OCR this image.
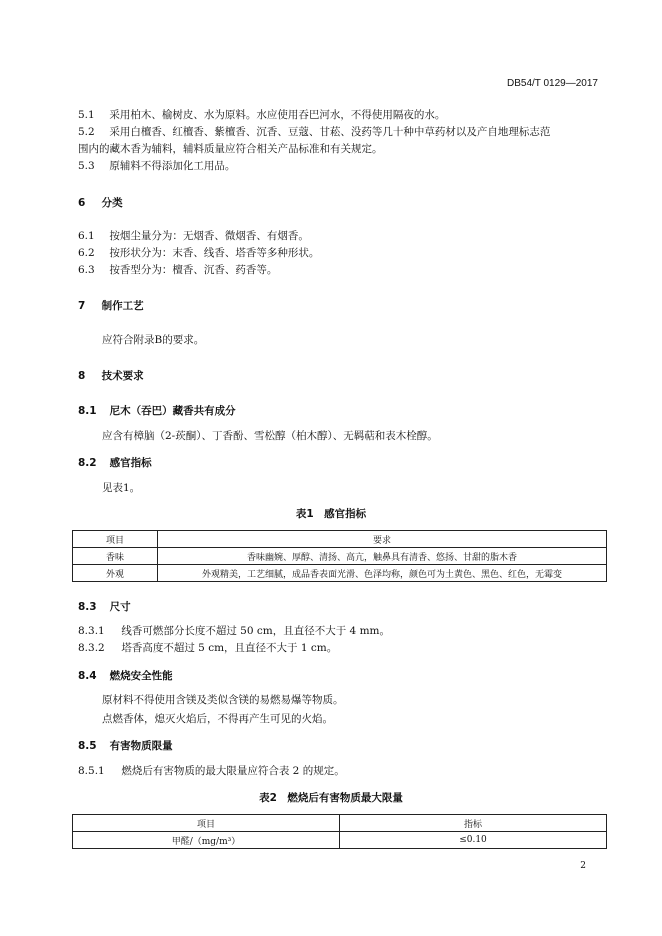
DB54/T 0129—2017
5.1 采用柏木、榆树皮、水为原料。水应使用吞巴河水，不得使用隔夜的水。
5.2 采用白檀香、红檀香、紫檀香、沉香、豆蔻、甘菘、没药等几十种中草药材以及产自地理标志范
围内的藏木香为辅料，辅料质量应符合相关产品标准和有关规定。
5.3 原辅料不得添加化工用品。
6 分类
6.1 按烟尘量分为：无烟香、微烟香、有烟香。
6.2 按形状分为：末香、线香、塔香等多种形状。
6.3 按香型分为：檀香、沉香、药香等。
7 制作工艺
应符合附录B的要求。
8 技术要求
8.1 尼木（吞巴）藏香共有成分
应含有樟脑（2-莰酮）、丁香酚、雪松醇（柏木醇）、无羁萜和表木栓醇。
8.2 感官指标
见表1。
表1　感官指标
项目	要求
香味	香味幽婉、厚醇、清扬、高亢，触鼻具有清香、悠扬、甘甜的脂木香
外观	外观精美，工艺细腻，成品香表面光滑、色泽均称，颜色可为土黄色、黑色、红色，无霉变
8.3 尺寸
8.3.1 线香可燃部分长度不超过 50 cm，且直径不大于 4 mm。
8.3.2 塔香高度不超过 5 cm，且直径不大于 1 cm。
8.4 燃烧安全性能
原材料不得使用含镁及类似含镁的易燃易爆等物质。
点燃香体，熄灭火焰后，不得再产生可见的火焰。
8.5 有害物质限量
8.5.1 燃烧后有害物质的最大限量应符合表 2 的规定。
表2　燃烧后有害物质最大限量
项目	指标
甲醛/（mg/m³）	≤0.10
2
